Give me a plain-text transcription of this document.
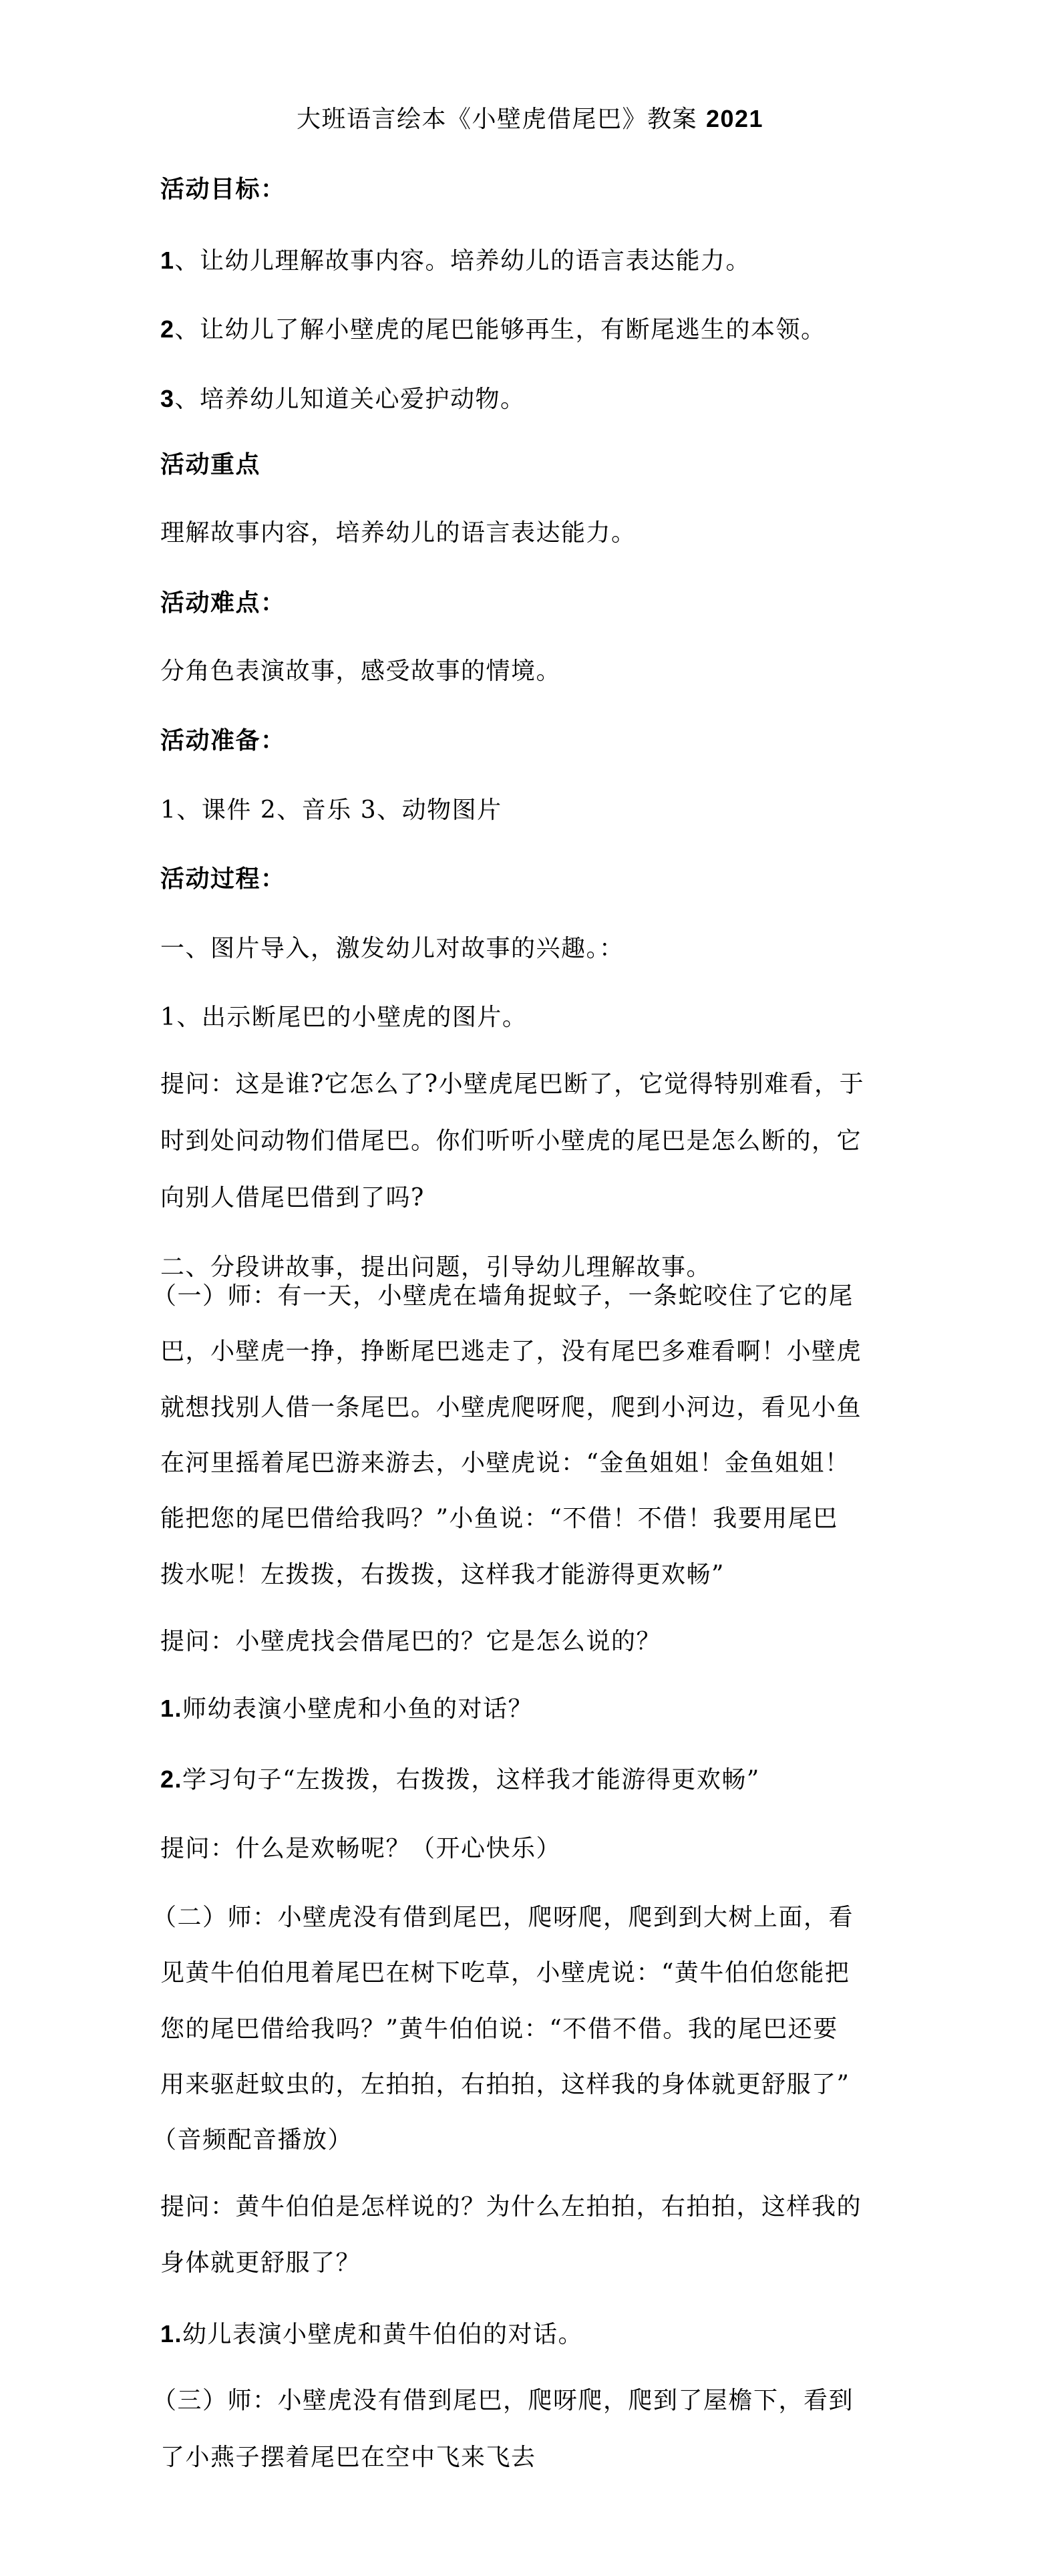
大班语言绘本《小壁虎借尾巴》教案 2021
活动目标：
1、让幼儿理解故事内容。培养幼儿的语言表达能力。
2、让幼儿了解小壁虎的尾巴能够再生，有断尾逃生的本领。
3、培养幼儿知道关心爱护动物。
活动重点
理解故事内容，培养幼儿的语言表达能力。
活动难点：
分角色表演故事，感受故事的情境。
活动准备：
1、课件 2、音乐 3、动物图片
活动过程：
一、图片导入，激发幼儿对故事的兴趣。：
1、出示断尾巴的小壁虎的图片。
提问：这是谁?它怎么了?小壁虎尾巴断了，它觉得特别难看，于
时到处问动物们借尾巴。你们听听小壁虎的尾巴是怎么断的，它
向别人借尾巴借到了吗?
二、分段讲故事，提出问题，引导幼儿理解故事。
（一）师：有一天，小壁虎在墙角捉蚊子，一条蛇咬住了它的尾
巴，小壁虎一挣，挣断尾巴逃走了，没有尾巴多难看啊！小壁虎
就想找别人借一条尾巴。小壁虎爬呀爬，爬到小河边，看见小鱼
在河里摇着尾巴游来游去，小壁虎说：“金鱼姐姐！金鱼姐姐！
能把您的尾巴借给我吗？”小鱼说：“不借！不借！我要用尾巴
拨水呢！左拨拨，右拨拨，这样我才能游得更欢畅”
提问：小壁虎找会借尾巴的？它是怎么说的？
1.师幼表演小壁虎和小鱼的对话？
2.学习句子“左拨拨，右拨拨，这样我才能游得更欢畅”
提问：什么是欢畅呢？（开心快乐）
（二）师：小壁虎没有借到尾巴，爬呀爬，爬到到大树上面，看
见黄牛伯伯甩着尾巴在树下吃草，小壁虎说：“黄牛伯伯您能把
您的尾巴借给我吗？”黄牛伯伯说：“不借不借。我的尾巴还要
用来驱赶蚊虫的，左拍拍，右拍拍，这样我的身体就更舒服了”
（音频配音播放）
提问：黄牛伯伯是怎样说的？为什么左拍拍，右拍拍，这样我的
身体就更舒服了？
1.幼儿表演小壁虎和黄牛伯伯的对话。
（三）师：小壁虎没有借到尾巴，爬呀爬，爬到了屋檐下，看到
了小燕子摆着尾巴在空中飞来飞去
